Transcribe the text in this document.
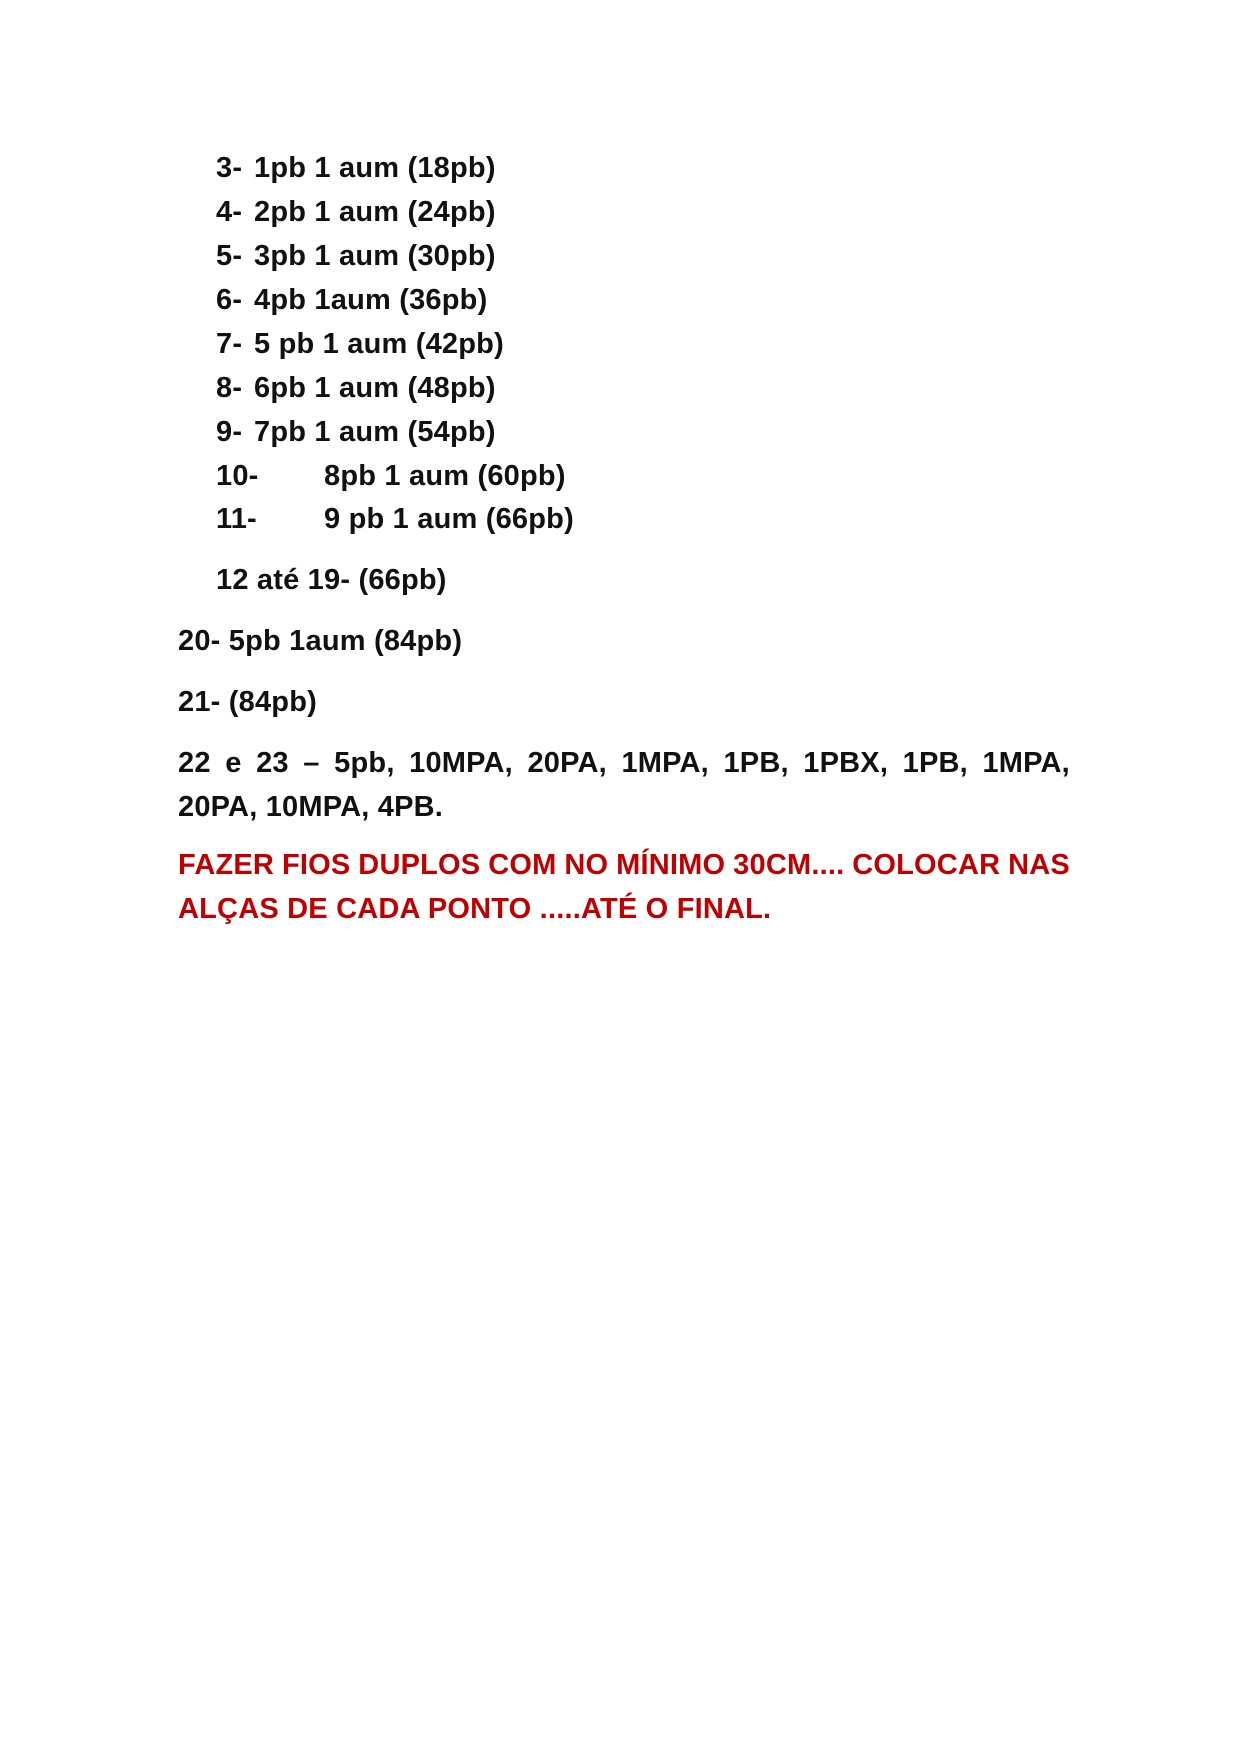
3- 1pb 1 aum (18pb)
4- 2pb 1 aum (24pb)
5- 3pb 1 aum (30pb)
6- 4pb 1aum (36pb)
7- 5 pb 1 aum (42pb)
8- 6pb 1 aum (48pb)
9- 7pb 1 aum (54pb)
10- 8pb 1 aum (60pb)
11- 9 pb 1 aum (66pb)
12 até 19- (66pb)
20- 5pb 1aum (84pb)
21- (84pb)
22 e 23 – 5pb, 10MPA, 20PA, 1MPA, 1PB, 1PBX, 1PB, 1MPA,
20PA, 10MPA, 4PB.
FAZER FIOS DUPLOS COM NO MÍNIMO 30CM.... COLOCAR NAS
ALÇAS DE CADA PONTO .....ATÉ O FINAL.
